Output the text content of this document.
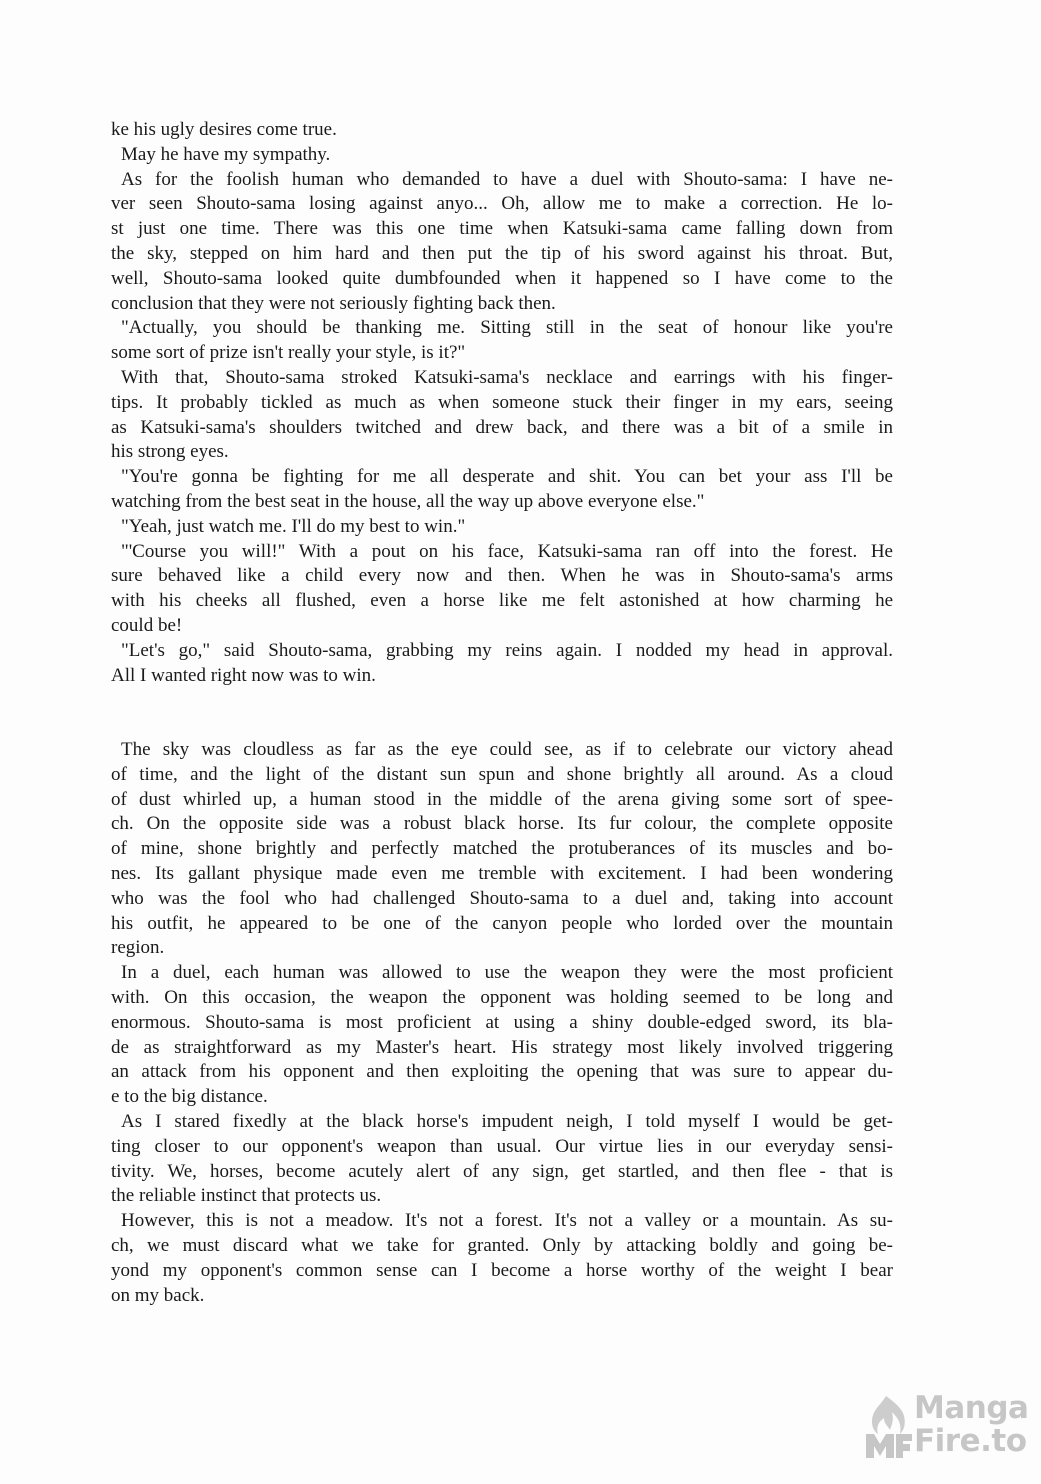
ke his ugly desires come true.
May he have my sympathy.
As for the foolish human who demanded to have a duel with Shouto-sama: I have ne-
ver seen Shouto-sama losing against anyo... Oh, allow me to make a correction. He lo-
st just one time. There was this one time when Katsuki-sama came falling down from
the sky, stepped on him hard and then put the tip of his sword against his throat. But,
well, Shouto-sama looked quite dumbfounded when it happened so I have come to the
conclusion that they were not seriously fighting back then.
"Actually, you should be thanking me. Sitting still in the seat of honour like you're
some sort of prize isn't really your style, is it?"
With that, Shouto-sama stroked Katsuki-sama's necklace and earrings with his finger-
tips. It probably tickled as much as when someone stuck their finger in my ears, seeing
as Katsuki-sama's shoulders twitched and drew back, and there was a bit of a smile in
his strong eyes.
"You're gonna be fighting for me all desperate and shit. You can bet your ass I'll be
watching from the best seat in the house, all the way up above everyone else."
"Yeah, just watch me. I'll do my best to win."
"'Course you will!" With a pout on his face, Katsuki-sama ran off into the forest. He
sure behaved like a child every now and then. When he was in Shouto-sama's arms
with his cheeks all flushed, even a horse like me felt astonished at how charming he
could be!
"Let's go," said Shouto-sama, grabbing my reins again. I nodded my head in approval.
All I wanted right now was to win.
The sky was cloudless as far as the eye could see, as if to celebrate our victory ahead
of time, and the light of the distant sun spun and shone brightly all around. As a cloud
of dust whirled up, a human stood in the middle of the arena giving some sort of spee-
ch. On the opposite side was a robust black horse. Its fur colour, the complete opposite
of mine, shone brightly and perfectly matched the protuberances of its muscles and bo-
nes. Its gallant physique made even me tremble with excitement. I had been wondering
who was the fool who had challenged Shouto-sama to a duel and, taking into account
his outfit, he appeared to be one of the canyon people who lorded over the mountain
region.
In a duel, each human was allowed to use the weapon they were the most proficient
with. On this occasion, the weapon the opponent was holding seemed to be long and
enormous. Shouto-sama is most proficient at using a shiny double-edged sword, its bla-
de as straightforward as my Master's heart. His strategy most likely involved triggering
an attack from his opponent and then exploiting the opening that was sure to appear du-
e to the big distance.
As I stared fixedly at the black horse's impudent neigh, I told myself I would be get-
ting closer to our opponent's weapon than usual. Our virtue lies in our everyday sensi-
tivity. We, horses, become acutely alert of any sign, get startled, and then flee - that is
the reliable instinct that protects us.
However, this is not a meadow. It's not a forest. It's not a valley or a mountain. As su-
ch, we must discard what we take for granted. Only by attacking boldly and going be-
yond my opponent's common sense can I become a horse worthy of the weight I bear
on my back.
Manga
Fire.to
